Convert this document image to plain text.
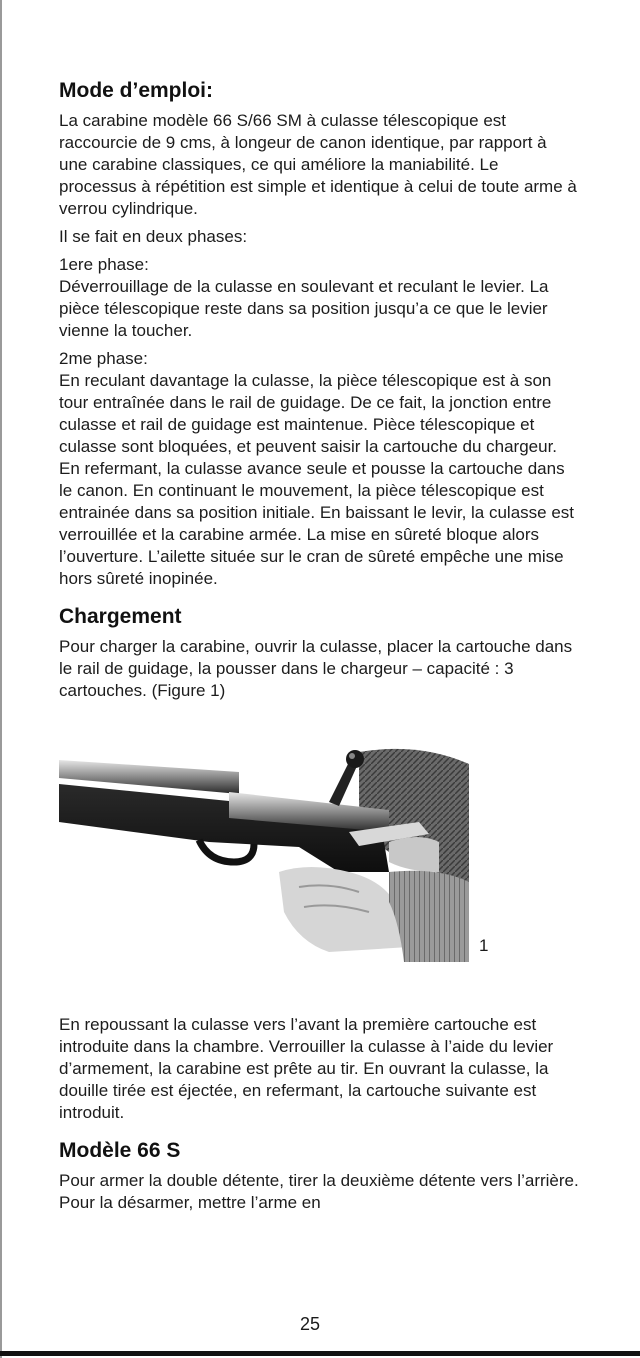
Mode d’emploi:

La carabine modèle 66 S/66 SM à culasse télescopique est raccourcie de 9 cms, à longeur de canon identique, par rapport à une carabine classiques, ce qui améliore la maniabilité. Le processus à répétition est simple et identique à celui de toute arme à verrou cylindrique.

Il se fait en deux phases:

1ere phase:

Déverrouillage de la culasse en soulevant et reculant le levier. La pièce télescopique reste dans sa position jusqu’a ce que le levier vienne la toucher.

2me phase:

En reculant davantage la culasse, la pièce télescopique est à son tour entraînée dans le rail de guidage. De ce fait, la jonction entre culasse et rail de guidage est maintenue. Pièce télescopique et culasse sont bloquées, et peuvent saisir la cartouche du chargeur. En refermant, la culasse avance seule et pousse la cartouche dans le canon. En continuant le mouvement, la pièce télescopique est entrainée dans sa position initiale. En baissant le levir, la culasse est verrouillée et la carabine armée. La mise en sûreté bloque alors l’ouverture. L’ailette située sur le cran de sûreté empêche une mise hors sûreté inopinée.

Chargement

Pour charger la carabine, ouvrir la culasse, placer la cartouche dans le rail de guidage, la pousser dans le chargeur – capacité : 3 cartouches. (Figure 1)

1

En repoussant la culasse vers l’avant la première cartouche est introduite dans la chambre. Verrouiller la culasse à l’aide du levier d’armement, la carabine est prête au tir. En ouvrant la culasse, la douille tirée est éjectée, en refermant, la cartouche suivante est introduit.

Modèle 66 S

Pour armer la double détente, tirer la deuxième détente vers l’arrière. Pour la désarmer, mettre l’arme en

25
